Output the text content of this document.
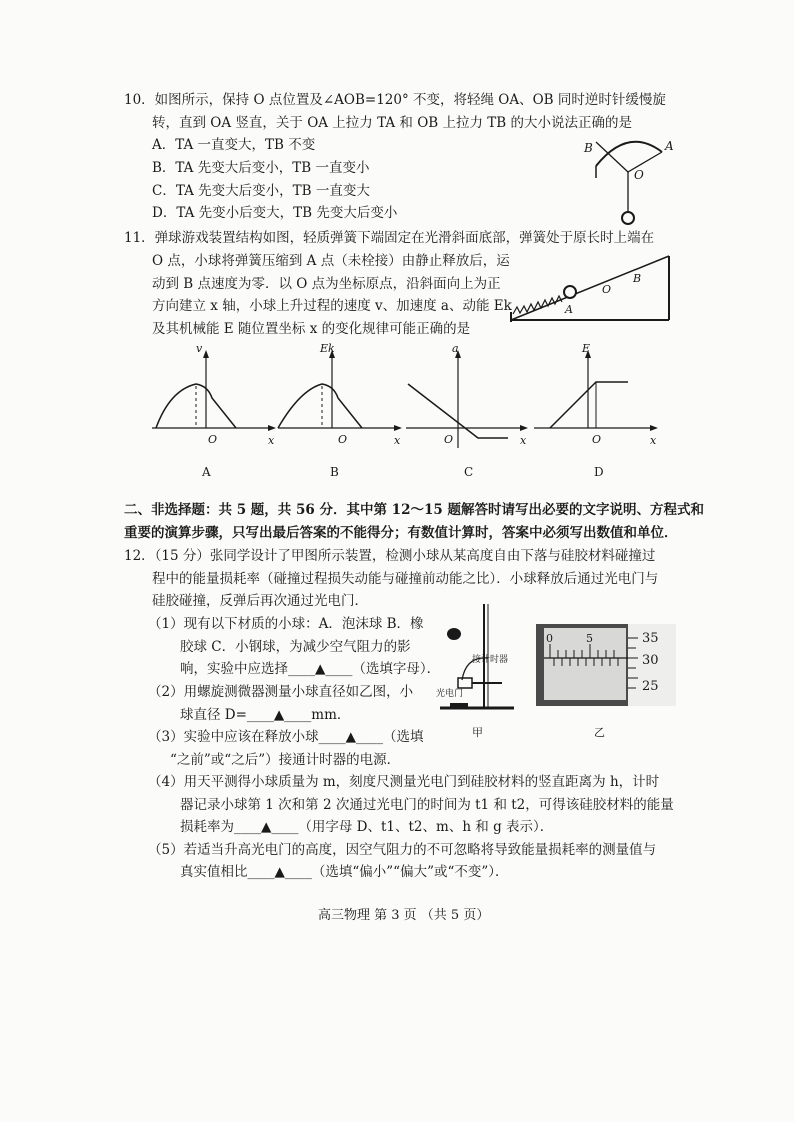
10．如图所示，保持 O 点位置及∠AOB=120° 不变，将轻绳 OA、OB 同时逆时针缓慢旋
转，直到 OA 竖直，关于 OA 上拉力 TA 和 OB 上拉力 TB 的大小说法正确的是
A．TA 一直变大，TB 不变
B．TA 先变大后变小，TB 一直变小
C．TA 先变大后变小，TB 一直变大
D．TA 先变小后变大，TB 先变大后变小
B	A
O
11．弹球游戏装置结构如图，轻质弹簧下端固定在光滑斜面底部，弹簧处于原长时上端在
O 点，小球将弹簧压缩到 A 点（未栓接）由静止释放后，运
动到 B 点速度为零．以 O 点为坐标原点，沿斜面向上为正
方向建立 x 轴，小球上升过程的速度 v、加速度 a、动能 Ek
及其机械能 E 随位置坐标 x 的变化规律可能正确的是
A
O
B
v
O	x
A
Ek
O	x
B
a
O	x
C
E
O	x
D
二、非选择题：共 5 题，共 56 分．其中第 12～15 题解答时请写出必要的文字说明、方程式和
重要的演算步骤，只写出最后答案的不能得分；有数值计算时，答案中必须写出数值和单位．
12．（15 分）张同学设计了甲图所示装置，检测小球从某高度自由下落与硅胶材料碰撞过
程中的能量损耗率（碰撞过程损失动能与碰撞前动能之比）．小球释放后通过光电门与
硅胶碰撞，反弹后再次通过光电门．
（1）现有以下材质的小球：A．泡沫球 B．橡
胶球 C．小钢球，为减少空气阻力的影
响，实验中应选择____▲____（选填字母）．
（2）用螺旋测微器测量小球直径如乙图，小
球直径 D=____▲____mm．
（3）实验中应该在释放小球____▲____（选填
“之前”或“之后”）接通计时器的电源．
（4）用天平测得小球质量为 m，刻度尺测量光电门到硅胶材料的竖直距离为 h，计时
器记录小球第 1 次和第 2 次通过光电门的时间为 t1 和 t2，可得该硅胶材料的能量
损耗率为____▲____（用字母 D、t1、t2、m、h 和 g 表示）．
（5）若适当升高光电门的高度，因空气阻力的不可忽略将导致能量损耗率的测量值与
真实值相比____▲____（选填“偏小”“偏大”或“不变”）．
接计时器
光电门
甲
0	5	35
30
25
乙
高三物理 第 3 页 （共 5 页）
